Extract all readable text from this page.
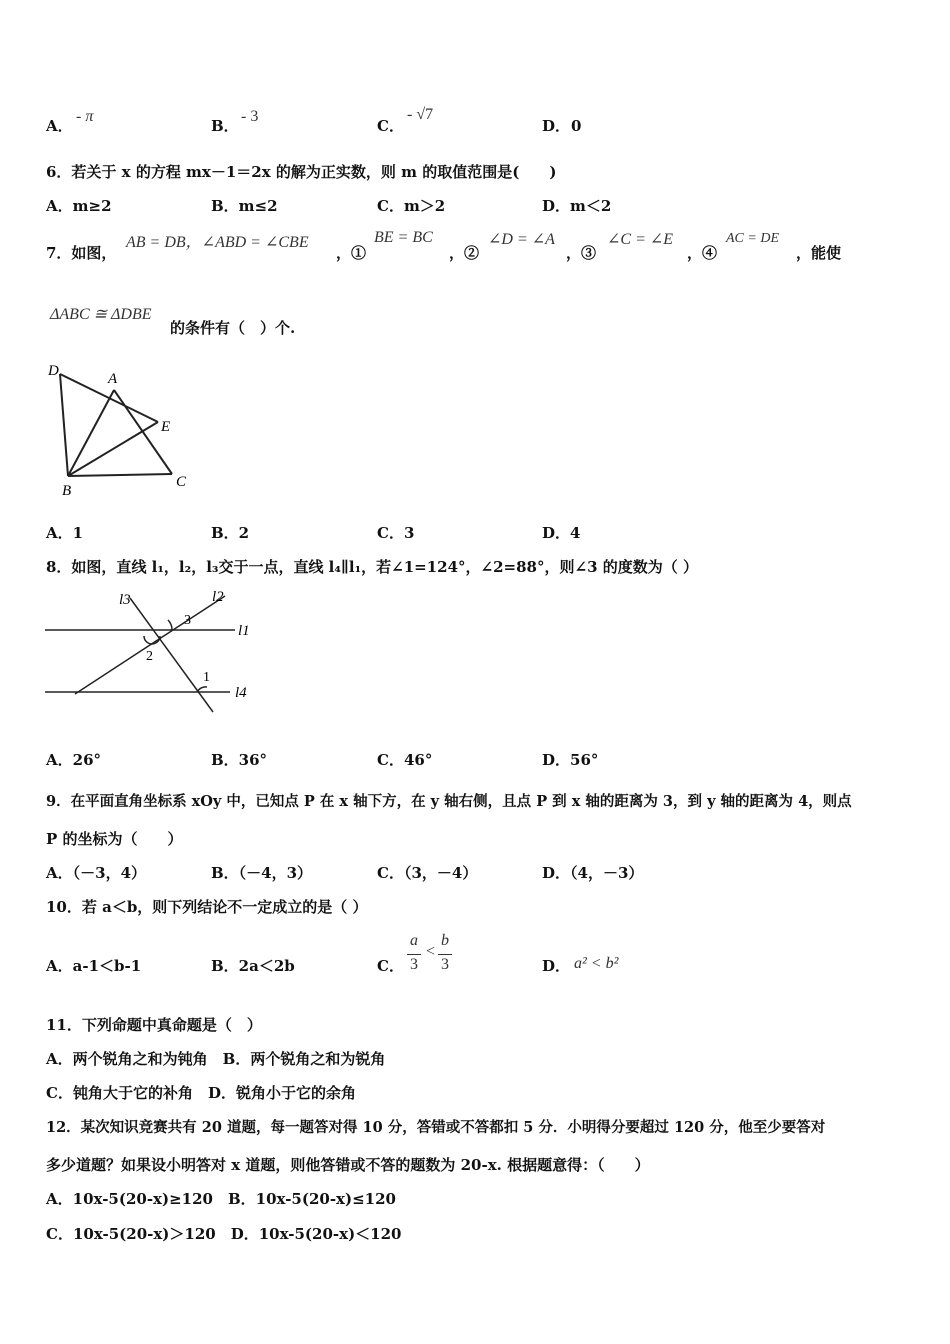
A．
- π
B．
- 3
C．
- √7
D． 0
6．若关于 x 的方程 mx－1＝2x 的解为正实数，则 m 的取值范围是(　　)
A．m≥2	B．m≤2	C．m＞2	D．m＜2
7．如图，
AB = DB，∠ABD = ∠CBE
，①
BE = BC
，②
∠D = ∠A
，③
∠C = ∠E
，④
AC = DE
，能使
ΔABC ≅ ΔDBE
的条件有（　）个.
D	A
E
B
C
A．1	B．2	C．3	D．4
8．如图，直线 l₁，l₂，l₃交于一点，直线 l₄∥l₁，若∠1=124°，∠2=88°，则∠3 的度数为（ ）
l3	l2
l1
l4
3
2
1
A．26°	B．36°	C．46°	D．56°
9．在平面直角坐标系 xOy 中，已知点 P 在 x 轴下方，在 y 轴右侧，且点 P 到 x 轴的距离为 3，到 y 轴的距离为 4，则点
P 的坐标为（　　）
A．（－3，4）	B．（－4，3）	C．（3，－4）	D．（4，－3）
10．若 a＜b，则下列结论不一定成立的是（ ）
A．a-1＜b-1	B．2a＜2b	C．
a
3
<
b
3	D． a² < b²
11．下列命题中真命题是（　）
A．两个锐角之和为钝角　B．两个锐角之和为锐角
C．钝角大于它的补角　D．锐角小于它的余角
12．某次知识竞赛共有 20 道题，每一题答对得 10 分，答错或不答都扣 5 分．小明得分要超过 120 分，他至少要答对
多少道题？如果设小明答对 x 道题，则他答错或不答的题数为 20-x. 根据题意得：（　　）
A．10x-5(20-x)≥120　B．10x-5(20-x)≤120
C．10x-5(20-x)＞120　D．10x-5(20-x)＜120
